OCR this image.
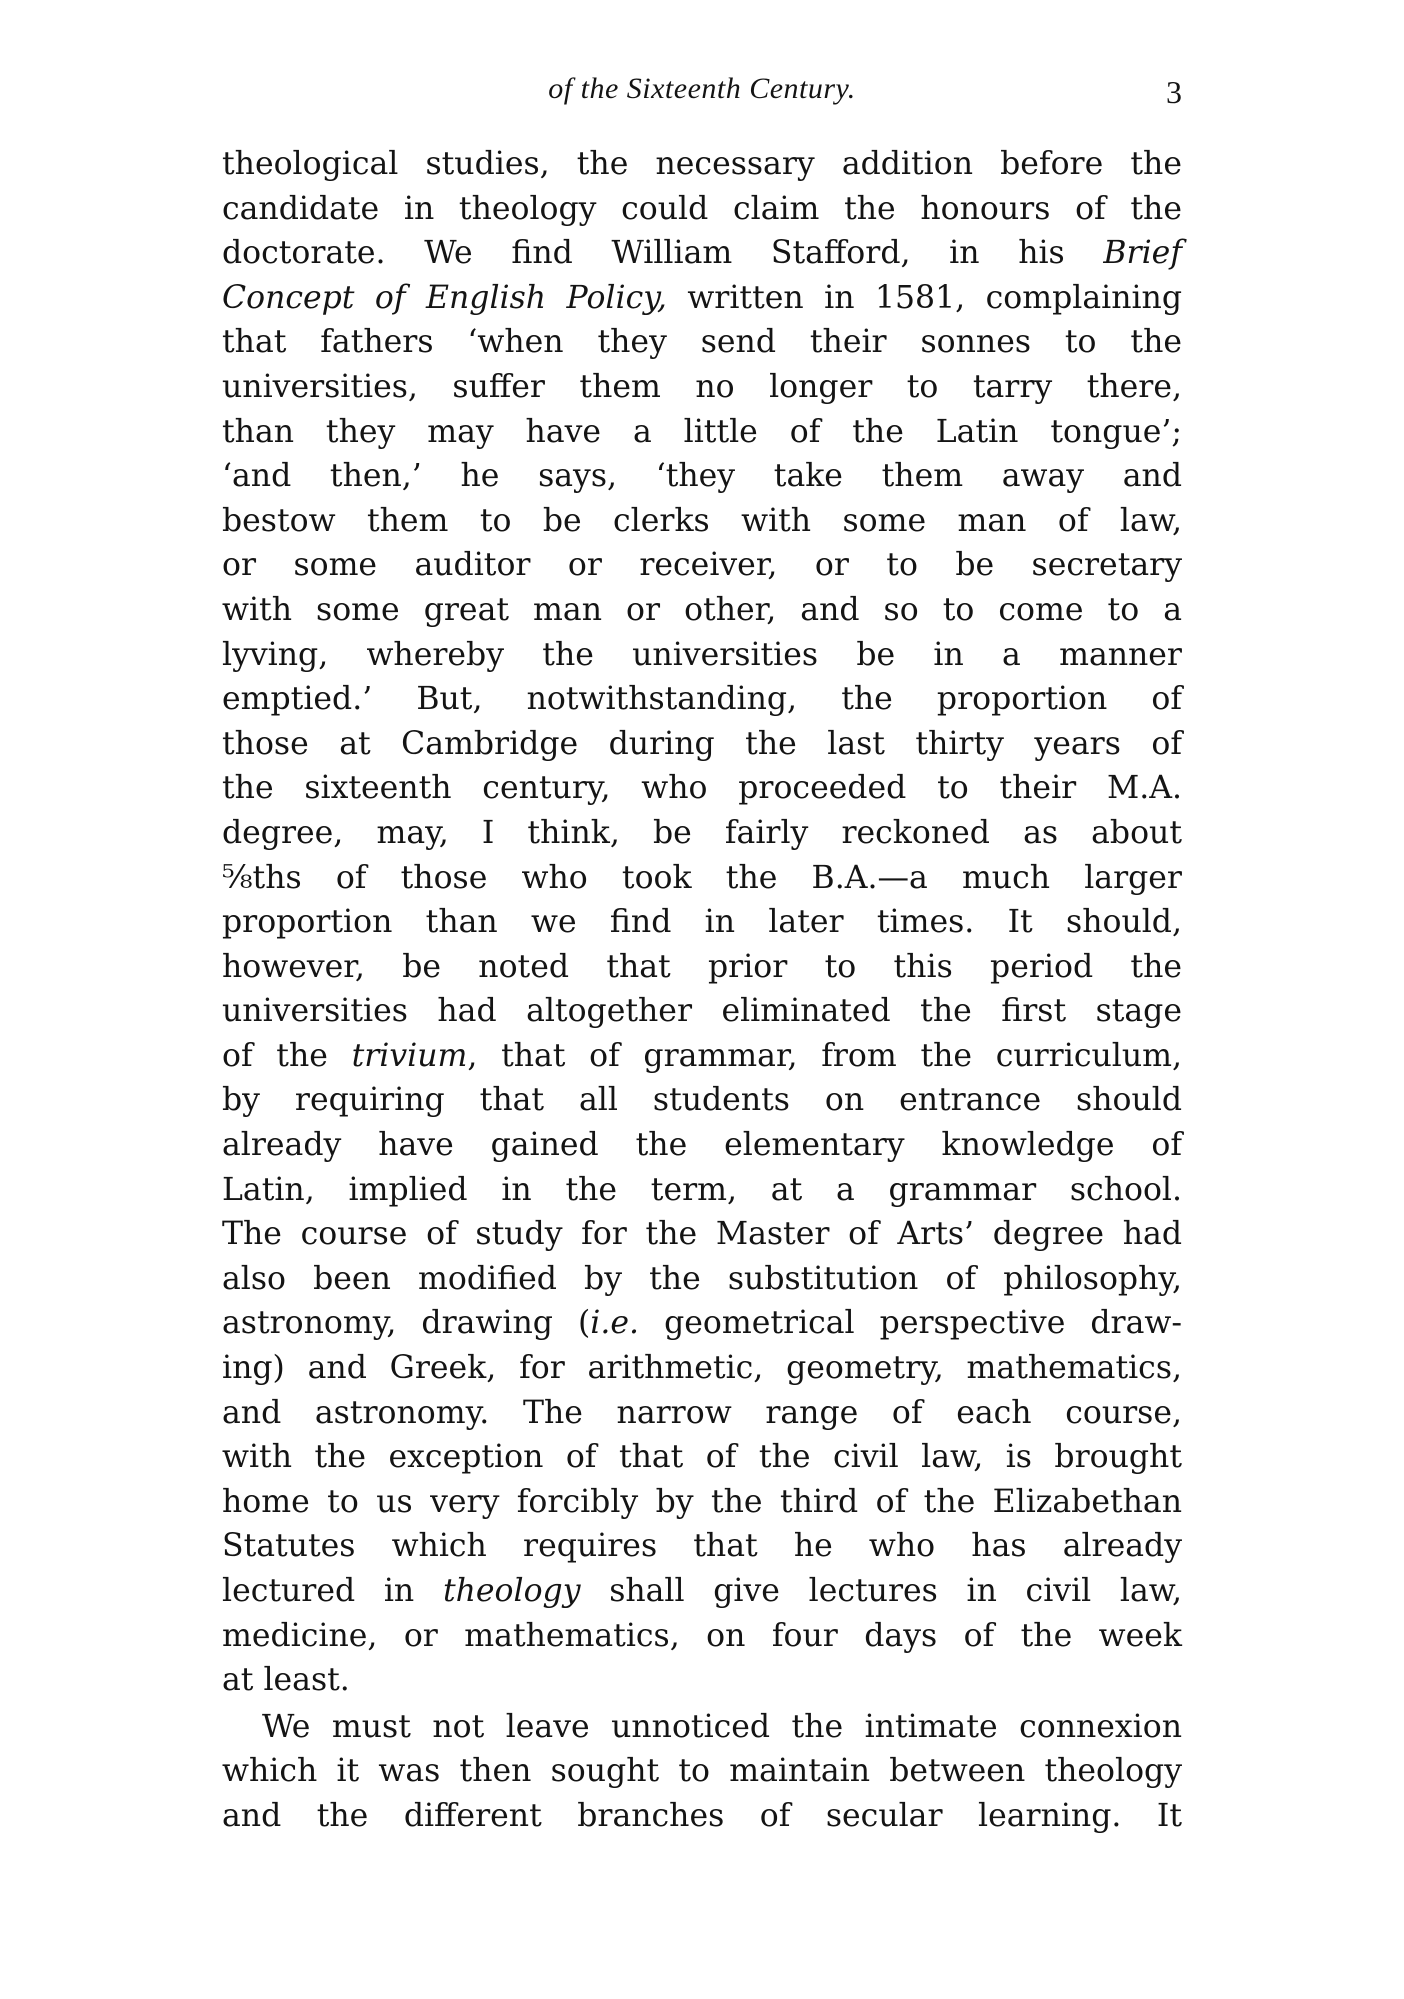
of the Sixteenth Century.	3
theological studies, the necessary addition before the
candidate in theology could claim the honours of the
doctorate. We find William Stafford, in his Brief
Concept of English Policy, written in 1581, complaining
that fathers ‘when they send their sonnes to the
universities, suffer them no longer to tarry there,
than they may have a little of the Latin tongue’;
‘and then,’ he says, ‘they take them away and
bestow them to be clerks with some man of law,
or some auditor or receiver, or to be secretary
with some great man or other, and so to come to a
lyving, whereby the universities be in a manner
emptied.’ But, notwithstanding, the proportion of
those at Cambridge during the last thirty years of
the sixteenth century, who proceeded to their M.A.
degree, may, I think, be fairly reckoned as about
⅝ths of those who took the B.A.—a much larger
proportion than we find in later times. It should,
however, be noted that prior to this period the
universities had altogether eliminated the first stage
of the trivium, that of grammar, from the curriculum,
by requiring that all students on entrance should
already have gained the elementary knowledge of
Latin, implied in the term, at a grammar school.
The course of study for the Master of Arts’ degree had
also been modified by the substitution of philosophy,
astronomy, drawing (i.e. geometrical perspective draw-
ing) and Greek, for arithmetic, geometry, mathematics,
and astronomy. The narrow range of each course,
with the exception of that of the civil law, is brought
home to us very forcibly by the third of the Elizabethan
Statutes which requires that he who has already
lectured in theology shall give lectures in civil law,
medicine, or mathematics, on four days of the week
at least.
We must not leave unnoticed the intimate connexion
which it was then sought to maintain between theology
and the different branches of secular learning. It
